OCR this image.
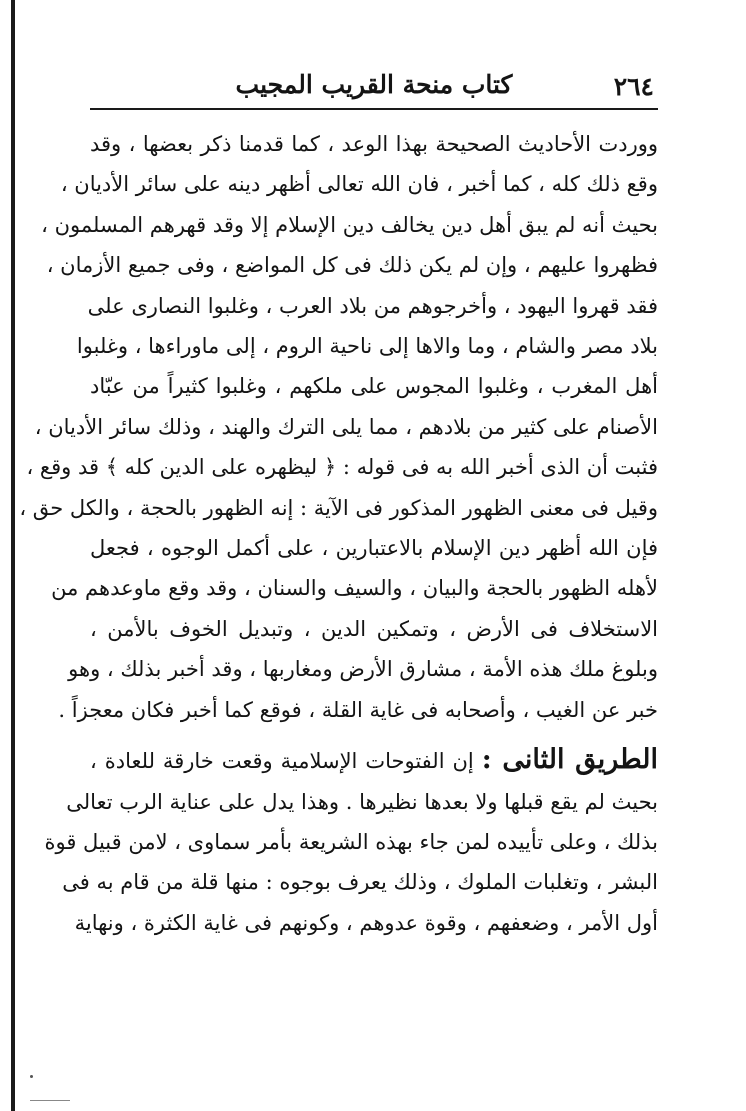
٢٦٤
كتاب منحة القريب المجيب
ووردت الأحاديث الصحيحة بهذا الوعد ، كما قدمنا ذكر بعضها ، وقد
وقع ذلك كله ، كما أخبر ، فان الله تعالى أظهر دينه على سائر الأديان ،
بحيث أنه لم يبق أهل دين يخالف دين الإسلام إلا وقد قهرهم المسلمون ،
فظهروا عليهم ، وإن لم يكن ذلك فى كل المواضع ، وفى جميع الأزمان ،
فقد قهروا اليهود ، وأخرجوهم من بلاد العرب ، وغلبوا النصارى على
بلاد مصر والشام ، وما والاها إلى ناحية الروم ، إلى ماوراءها ، وغلبوا
أهل المغرب ، وغلبوا المجوس على ملكهم ، وغلبوا كثيراً من عبّاد
الأصنام على كثير من بلادهم ، مما يلى الترك والهند ، وذلك سائر الأديان ،
فثبت أن الذى أخبر الله به فى قوله : ﴿ ليظهره على الدين كله ﴾ قد وقع ،
وقيل فى معنى الظهور المذكور فى الآية : إنه الظهور بالحجة ، والكل حق ،
فإن الله أظهر دين الإسلام بالاعتبارين ، على أكمل الوجوه ، فجعل
لأهله الظهور بالحجة والبيان ، والسيف والسنان ، وقد وقع ماوعدهم من
الاستخلاف فى الأرض ، وتمكين الدين ، وتبديل الخوف بالأمن ،
وبلوغ ملك هذه الأمة ، مشارق الأرض ومغاربها ، وقد أخبر بذلك ، وهو
خبر عن الغيب ، وأصحابه فى غاية القلة ، فوقع كما أخبر فكان معجزاً .
الطريق الثانى : إن الفتوحات الإسلامية وقعت خارقة للعادة ،
بحيث لم يقع قبلها ولا بعدها نظيرها . وهذا يدل على عناية الرب تعالى
بذلك ، وعلى تأييده لمن جاء بهذه الشريعة بأمر سماوى ، لامن قبيل قوة
البشر ، وتغلبات الملوك ، وذلك يعرف بوجوه : منها قلة من قام به فى
أول الأمر ، وضعفهم ، وقوة عدوهم ، وكونهم فى غاية الكثرة ، ونهاية
